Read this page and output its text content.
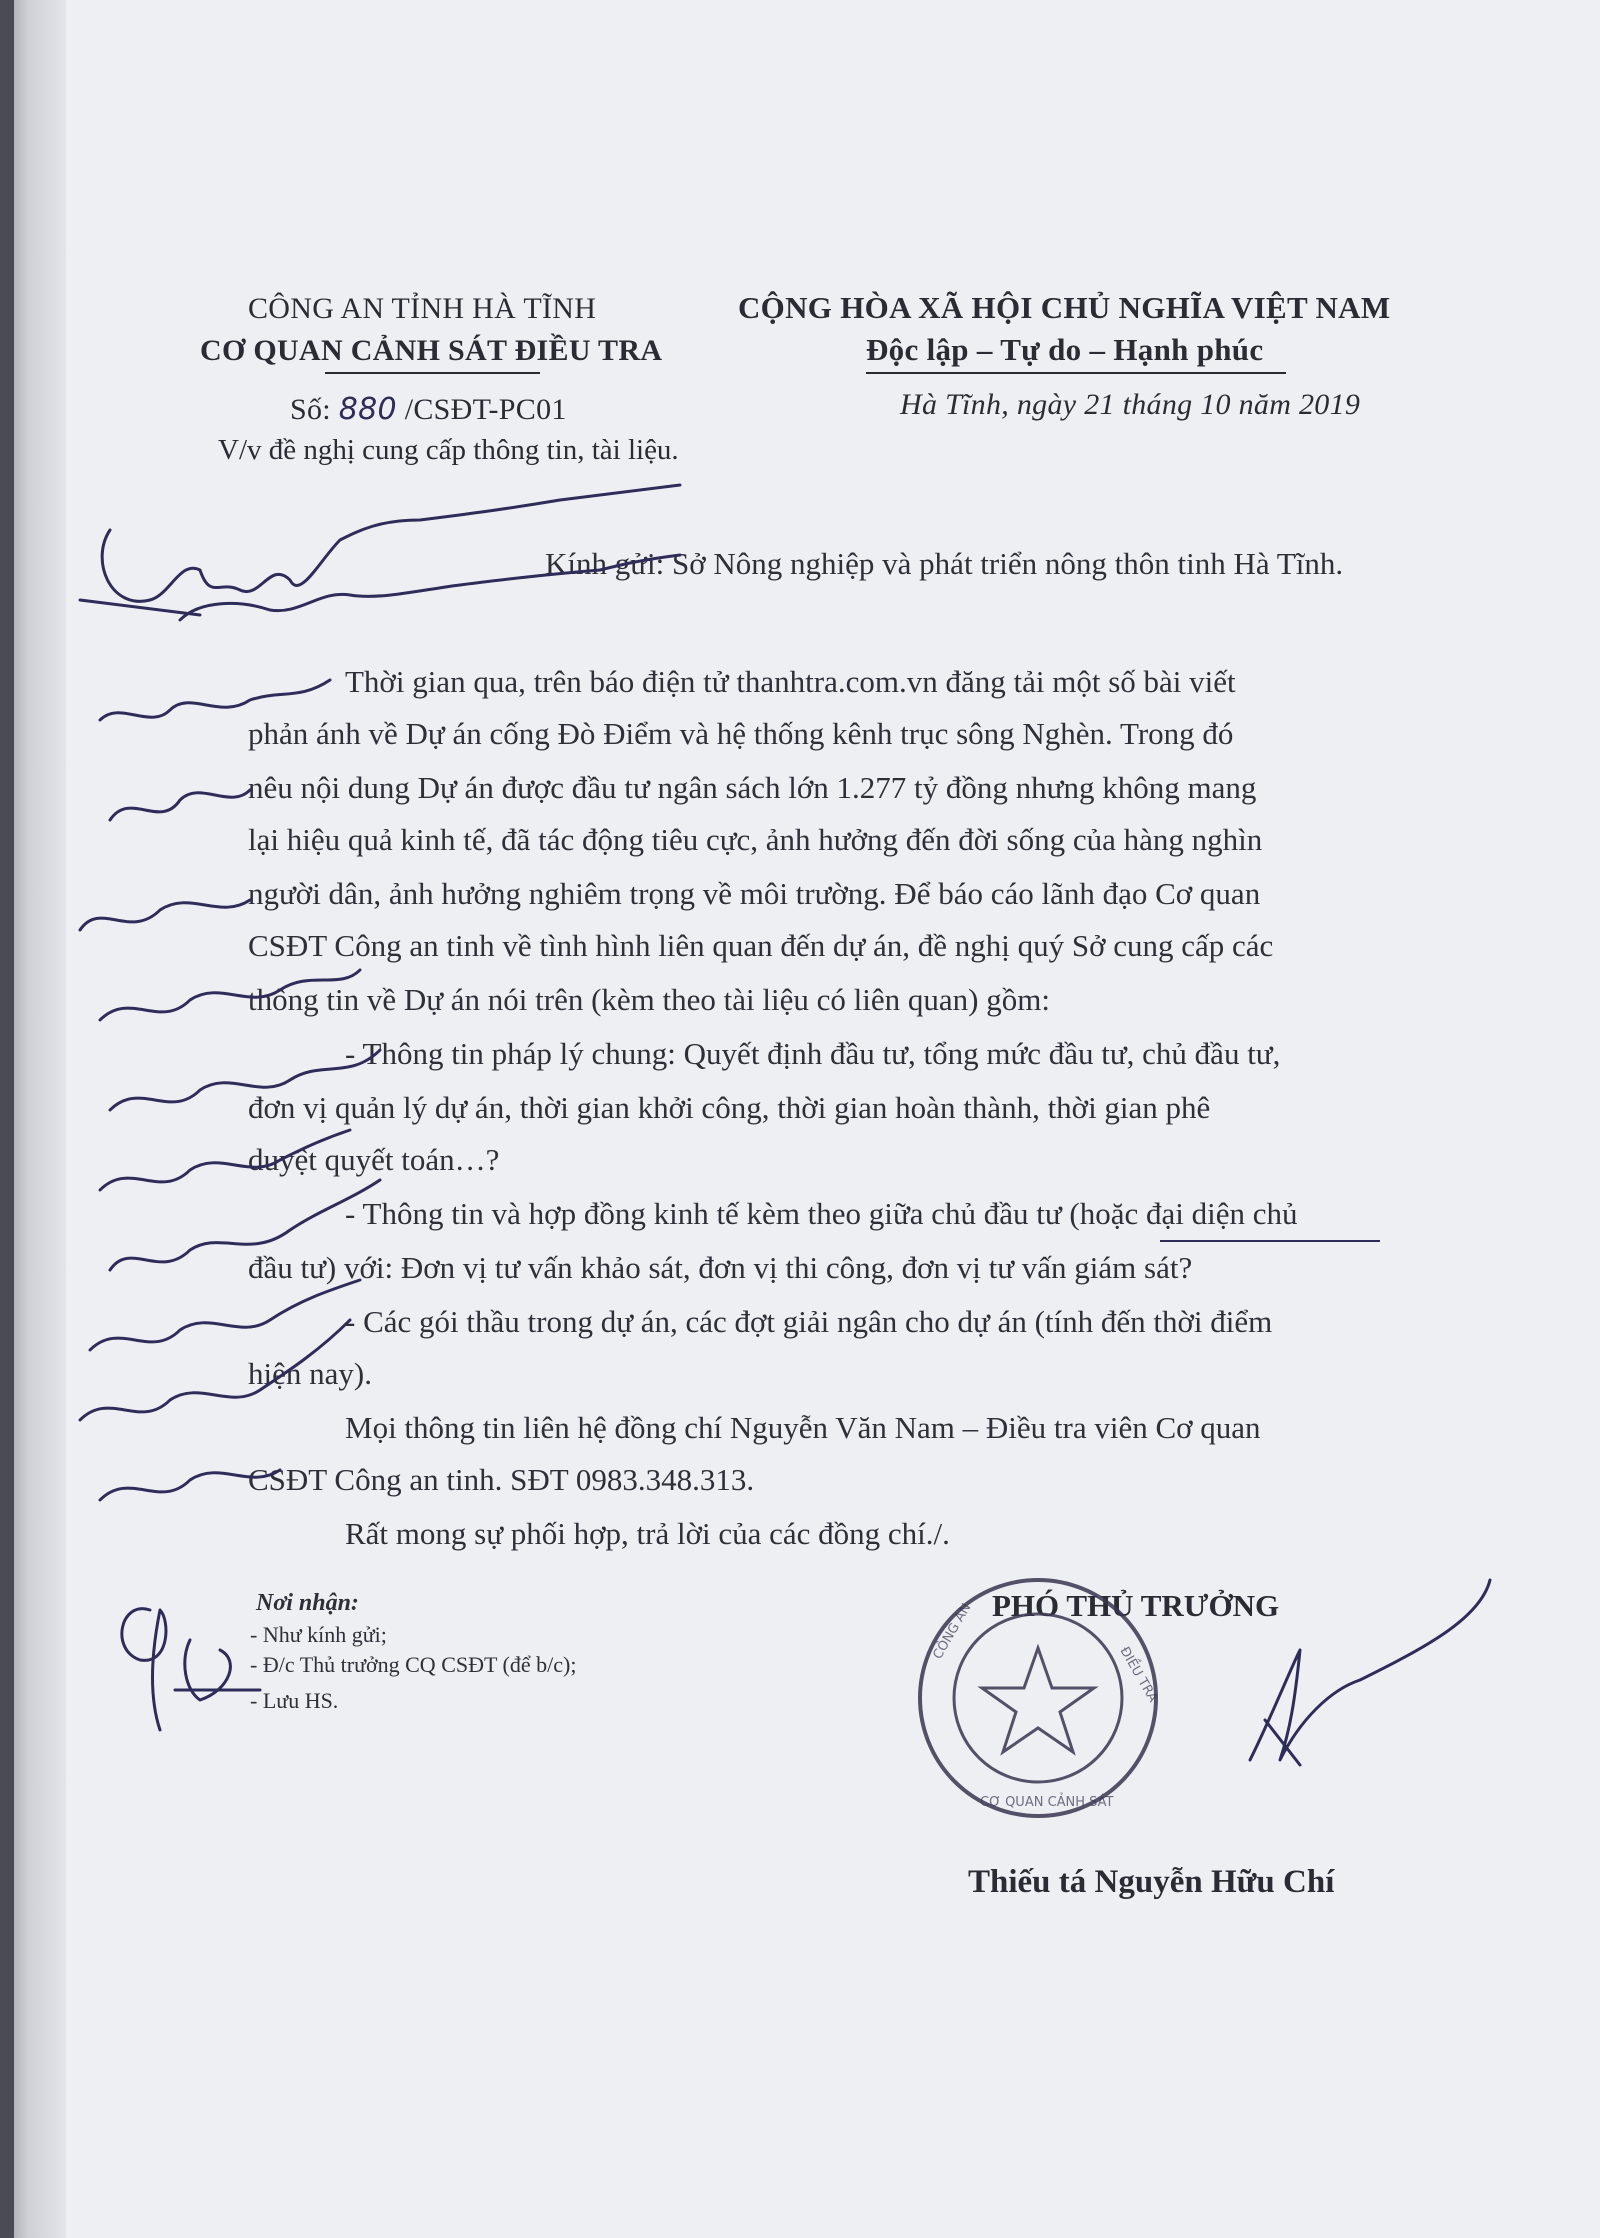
CÔNG AN TỈNH HÀ TĨNH
CƠ QUAN CẢNH SÁT ĐIỀU TRA
Số: 880 /CSĐT-PC01
V/v đề nghị cung cấp thông tin, tài liệu.
CỘNG HÒA XÃ HỘI CHỦ NGHĨA VIỆT NAM
Độc lập – Tự do – Hạnh phúc
Hà Tĩnh, ngày 21 tháng 10 năm 2019
Kính gửi: Sở Nông nghiệp và phát triển nông thôn tinh Hà Tĩnh.
Thời gian qua, trên báo điện tử thanhtra.com.vn đăng tải một số bài viết
phản ánh về Dự án cống Đò Điểm và hệ thống kênh trục sông Nghèn. Trong đó
nêu nội dung Dự án được đầu tư ngân sách lớn 1.277 tỷ đồng nhưng không mang
lại hiệu quả kinh tế, đã tác động tiêu cực, ảnh hưởng đến đời sống của hàng nghìn
người dân, ảnh hưởng nghiêm trọng về môi trường. Để báo cáo lãnh đạo Cơ quan
CSĐT Công an tinh về tình hình liên quan đến dự án, đề nghị quý Sở cung cấp các
thông tin về Dự án nói trên (kèm theo tài liệu có liên quan) gồm:
- Thông tin pháp lý chung: Quyết định đầu tư, tổng mức đầu tư, chủ đầu tư,
đơn vị quản lý dự án, thời gian khởi công, thời gian hoàn thành, thời gian phê
duyệt quyết toán…?
- Thông tin và hợp đồng kinh tế kèm theo giữa chủ đầu tư (hoặc đại diện chủ
đầu tư) với: Đơn vị tư vấn khảo sát, đơn vị thi công, đơn vị tư vấn giám sát?
- Các gói thầu trong dự án, các đợt giải ngân cho dự án (tính đến thời điểm
hiện nay).
Mọi thông tin liên hệ đồng chí Nguyễn Văn Nam – Điều tra viên Cơ quan
CSĐT Công an tinh. SĐT 0983.348.313.
Rất mong sự phối hợp, trả lời của các đồng chí./.
Nơi nhận:
- Như kính gửi;
- Đ/c Thủ trưởng CQ CSĐT (để b/c);
- Lưu HS.
PHÓ THỦ TRƯỞNG
Thiếu tá Nguyễn Hữu Chí
CÔNG AN
ĐIỀU TRA
CƠ QUAN CẢNH SÁT
